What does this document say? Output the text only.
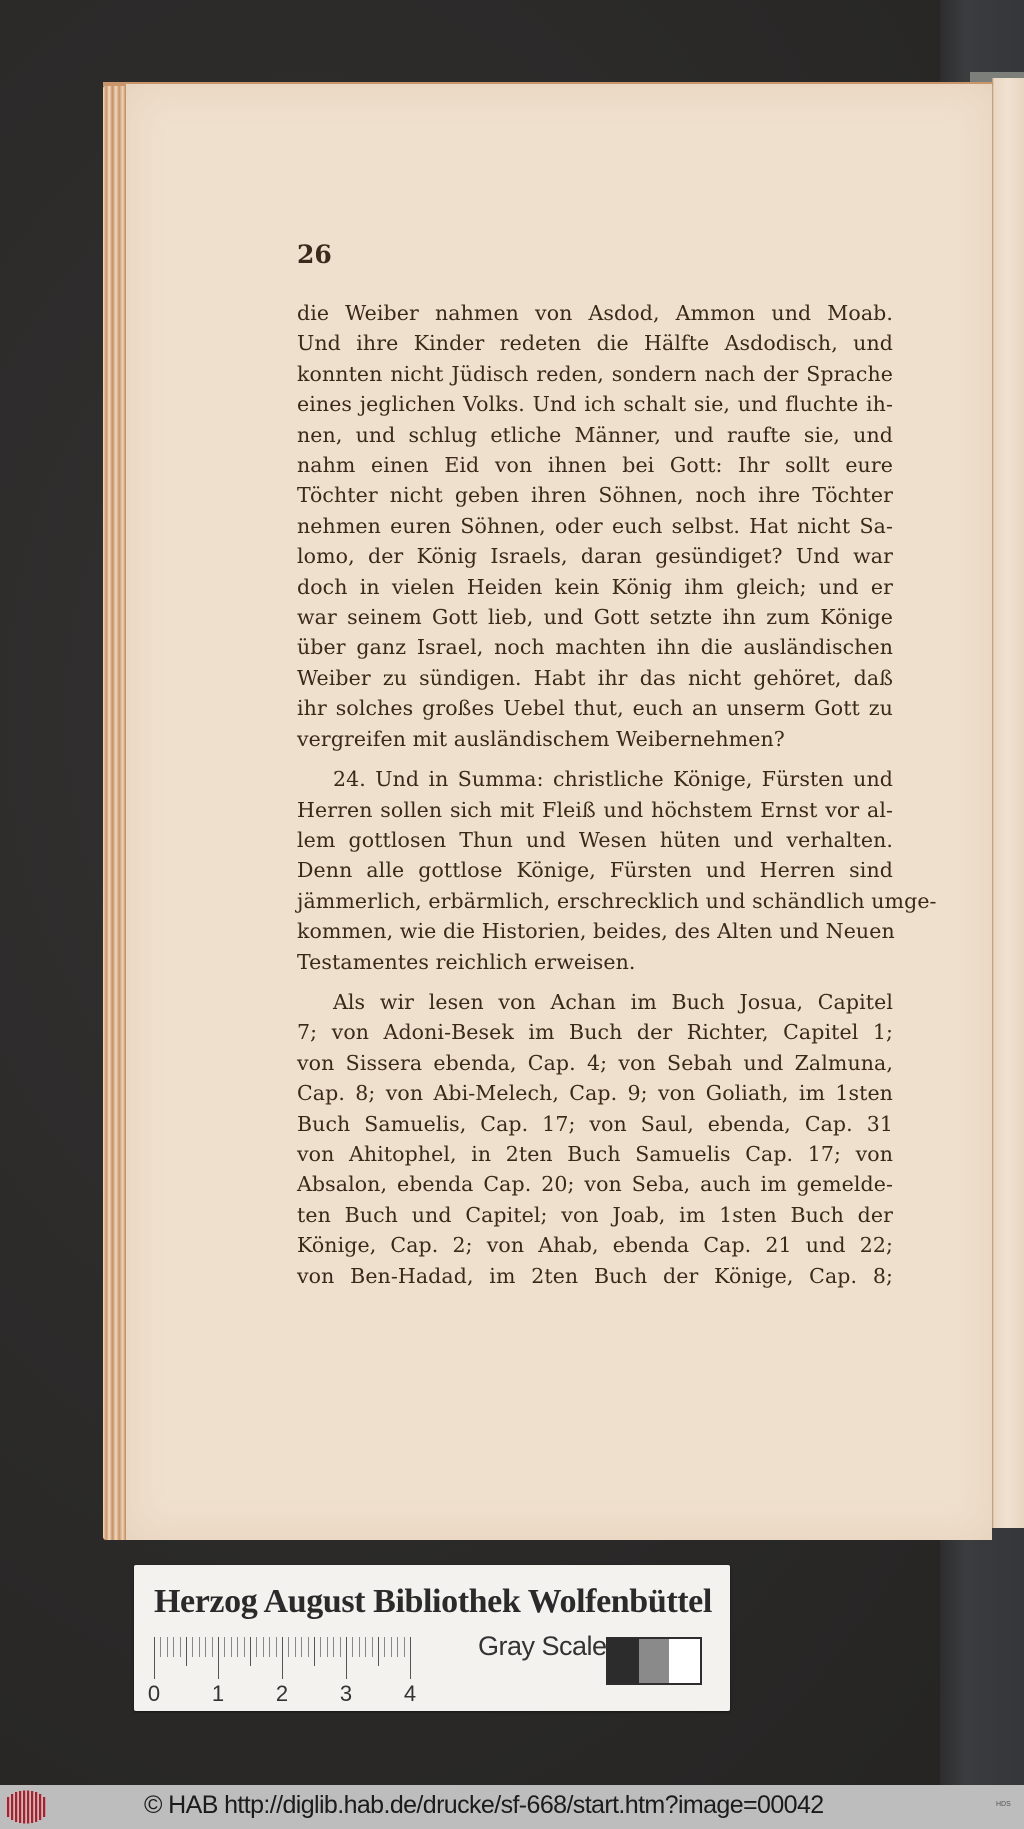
26
die Weiber nahmen von Asdod, Ammon und Moab.
Und ihre Kinder redeten die Hälfte Asdodisch, und
konnten nicht Jüdisch reden, sondern nach der Sprache
eines jeglichen Volks. Und ich schalt sie, und fluchte ih-
nen, und schlug etliche Männer, und raufte sie, und
nahm einen Eid von ihnen bei Gott: Ihr sollt eure
Töchter nicht geben ihren Söhnen, noch ihre Töchter
nehmen euren Söhnen, oder euch selbst. Hat nicht Sa-
lomo, der König Israels, daran gesündiget? Und war
doch in vielen Heiden kein König ihm gleich; und er
war seinem Gott lieb, und Gott setzte ihn zum Könige
über ganz Israel, noch machten ihn die ausländischen
Weiber zu sündigen. Habt ihr das nicht gehöret, daß
ihr solches großes Uebel thut, euch an unserm Gott zu
vergreifen mit ausländischem Weibernehmen?
24. Und in Summa: christliche Könige, Fürsten und
Herren sollen sich mit Fleiß und höchstem Ernst vor al-
lem gottlosen Thun und Wesen hüten und verhalten.
Denn alle gottlose Könige, Fürsten und Herren sind
jämmerlich, erbärmlich, erschrecklich und schändlich umge-
kommen, wie die Historien, beides, des Alten und Neuen
Testamentes reichlich erweisen.
Als wir lesen von Achan im Buch Josua, Capitel
7; von Adoni-Besek im Buch der Richter, Capitel 1;
von Sissera ebenda, Cap. 4; von Sebah und Zalmuna,
Cap. 8; von Abi-Melech, Cap. 9; von Goliath, im 1sten
Buch Samuelis, Cap. 17; von Saul, ebenda, Cap. 31
von Ahitophel, in 2ten Buch Samuelis Cap. 17; von
Absalon, ebenda Cap. 20; von Seba, auch im gemelde-
ten Buch und Capitel; von Joab, im 1sten Buch der
Könige, Cap. 2; von Ahab, ebenda Cap. 21 und 22;
von Ben-Hadad, im 2ten Buch der Könige, Cap. 8;
Herzog August Bibliothek Wolfenbüttel
0 1 2 3 4
Gray Scale
© HAB http://diglib.hab.de/drucke/sf-668/start.htm?image=00042	HDS
